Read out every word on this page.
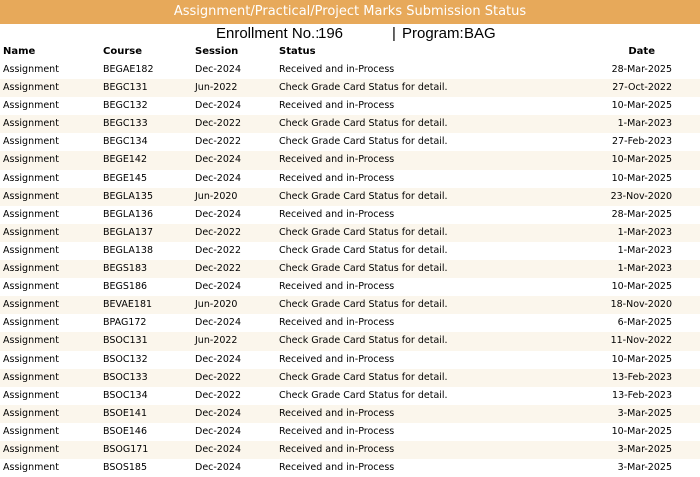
Assignment/Practical/Project Marks Submission Status
Enrollment No.:
196	| Program: BAG
Name	Course	Session	Status	Date
Assignment	BEGAE182	Dec-2024	Received and in-Process	28-Mar-2025
Assignment	BEGC131	Jun-2022	Check Grade Card Status for detail.	27-Oct-2022
Assignment	BEGC132	Dec-2024	Received and in-Process	10-Mar-2025
Assignment	BEGC133	Dec-2022	Check Grade Card Status for detail.	1-Mar-2023
Assignment	BEGC134	Dec-2022	Check Grade Card Status for detail.	27-Feb-2023
Assignment	BEGE142	Dec-2024	Received and in-Process	10-Mar-2025
Assignment	BEGE145	Dec-2024	Received and in-Process	10-Mar-2025
Assignment	BEGLA135	Jun-2020	Check Grade Card Status for detail.	23-Nov-2020
Assignment	BEGLA136	Dec-2024	Received and in-Process	28-Mar-2025
Assignment	BEGLA137	Dec-2022	Check Grade Card Status for detail.	1-Mar-2023
Assignment	BEGLA138	Dec-2022	Check Grade Card Status for detail.	1-Mar-2023
Assignment	BEGS183	Dec-2022	Check Grade Card Status for detail.	1-Mar-2023
Assignment	BEGS186	Dec-2024	Received and in-Process	10-Mar-2025
Assignment	BEVAE181	Jun-2020	Check Grade Card Status for detail.	18-Nov-2020
Assignment	BPAG172	Dec-2024	Received and in-Process	6-Mar-2025
Assignment	BSOC131	Jun-2022	Check Grade Card Status for detail.	11-Nov-2022
Assignment	BSOC132	Dec-2024	Received and in-Process	10-Mar-2025
Assignment	BSOC133	Dec-2022	Check Grade Card Status for detail.	13-Feb-2023
Assignment	BSOC134	Dec-2022	Check Grade Card Status for detail.	13-Feb-2023
Assignment	BSOE141	Dec-2024	Received and in-Process	3-Mar-2025
Assignment	BSOE146	Dec-2024	Received and in-Process	10-Mar-2025
Assignment	BSOG171	Dec-2024	Received and in-Process	3-Mar-2025
Assignment	BSOS185	Dec-2024	Received and in-Process	3-Mar-2025
